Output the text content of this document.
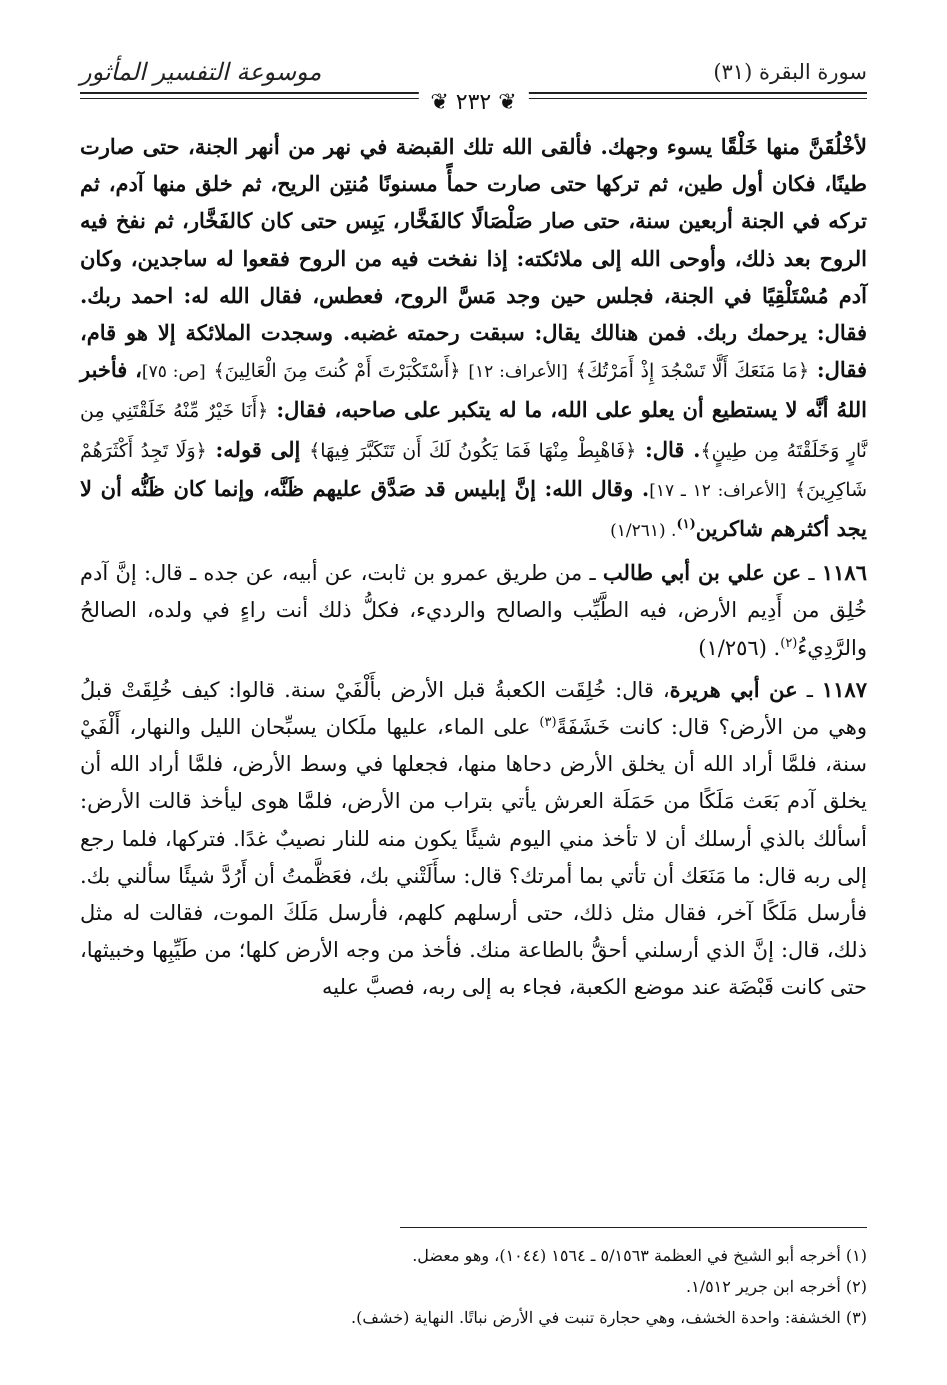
موسوعة التفسير المأثور	سورة البقرة (٣١)
❦ ٢٣٢ ❦

لأخْلُقَنَّ منها خَلْقًا يسوء وجهك. فألقى الله تلك القبضة في نهر من أنهر الجنة، حتى صارت طينًا، فكان أول طين، ثم تركها حتى صارت حمأً مسنونًا مُنتِن الريح، ثم خلق منها آدم، ثم تركه في الجنة أربعين سنة، حتى صار صَلْصَالًا كالفَخَّار، يَبِس حتى كان كالفَخَّار، ثم نفخ فيه الروح بعد ذلك، وأوحى الله إلى ملائكته: إذا نفخت فيه من الروح فقعوا له ساجدين، وكان آدم مُسْتَلْقِيًا في الجنة، فجلس حين وجد مَسَّ الروح، فعطس، فقال الله له: احمد ربك. فقال: يرحمك ربك. فمن هنالك يقال: سبقت رحمته غضبه. وسجدت الملائكة إلا هو قام، فقال: ﴿مَا مَنَعَكَ أَلَّا تَسْجُدَ إِذْ أَمَرْتُكَ﴾ [الأعراف: ١٢] ﴿أَسْتَكْبَرْتَ أَمْ كُنتَ مِنَ الْعَالِينَ﴾ [ص: ٧٥]، فأخبر اللهُ أنَّه لا يستطيع أن يعلو على الله، ما له يتكبر على صاحبه، فقال: ﴿أَنَا خَيْرٌ مِّنْهُ خَلَقْتَنِي مِن نَّارٍ وَخَلَقْتَهُ مِن طِينٍ﴾. قال: ﴿فَاهْبِطْ مِنْهَا فَمَا يَكُونُ لَكَ أَن تَتَكَبَّرَ فِيهَا﴾ إلى قوله: ﴿وَلَا تَجِدُ أَكْثَرَهُمْ شَاكِرِينَ﴾ [الأعراف: ١٢ ـ ١٧]. وقال الله: إنَّ إبليس قد صَدَّق عليهم ظَنَّه، وإنما كان ظَنُّه أن لا يجد أكثرهم شاكرين$^{(١)}$. (١/٢٦١)

١١٨٦ ـ عن علي بن أبي طالب ـ من طريق عمرو بن ثابت، عن أبيه، عن جده ـ قال: إنَّ آدم خُلِق من أَدِيم الأرض، فيه الطَّيِّب والصالح والرديء، فكلُّ ذلك أنت راءٍ في ولده، الصالحُ والرَّدِيءُ$^{(٢)}$. (١/٢٥٦)

١١٨٧ ـ عن أبي هريرة، قال: خُلِقَت الكعبةُ قبل الأرض بأَلْفَيْ سنة. قالوا: كيف خُلِقَتْ قبلُ وهي من الأرض؟ قال: كانت خَشَفَةً$^{(٣)}$ على الماء، عليها ملَكان يسبِّحان الليل والنهار، أَلْفَيْ سنة، فلمَّا أراد الله أن يخلق الأرض دحاها منها، فجعلها في وسط الأرض، فلمَّا أراد الله أن يخلق آدم بَعَث مَلَكًا من حَمَلَة العرش يأتي بتراب من الأرض، فلمَّا هوى ليأخذ قالت الأرض: أسألك بالذي أرسلك أن لا تأخذ مني اليوم شيئًا يكون منه للنار نصيبٌ غدًا. فتركها، فلما رجع إلى ربه قال: ما مَنَعَك أن تأتي بما أمرتك؟ قال: سأَلَتْني بك، فعَظَّمتُ أن أَرُدَّ شيئًا سألني بك. فأرسل مَلَكًا آخر، فقال مثل ذلك، حتى أرسلهم كلهم، فأرسل مَلَكَ الموت، فقالت له مثل ذلك، قال: إنَّ الذي أرسلني أحقُّ بالطاعة منك. فأخذ من وجه الأرض كلها؛ من طَيِّبِها وخبيثها، حتى كانت قَبْضَة عند موضع الكعبة، فجاء به إلى ربه، فصبَّ عليه

(١) أخرجه أبو الشيخ في العظمة ٥/١٥٦٣ ـ ١٥٦٤ (١٠٤٤)، وهو معضل.

(٢) أخرجه ابن جرير ١/٥١٢.

(٣) الخشفة: واحدة الخشف، وهي حجارة تنبت في الأرض نباتًا. النهاية (خشف).
